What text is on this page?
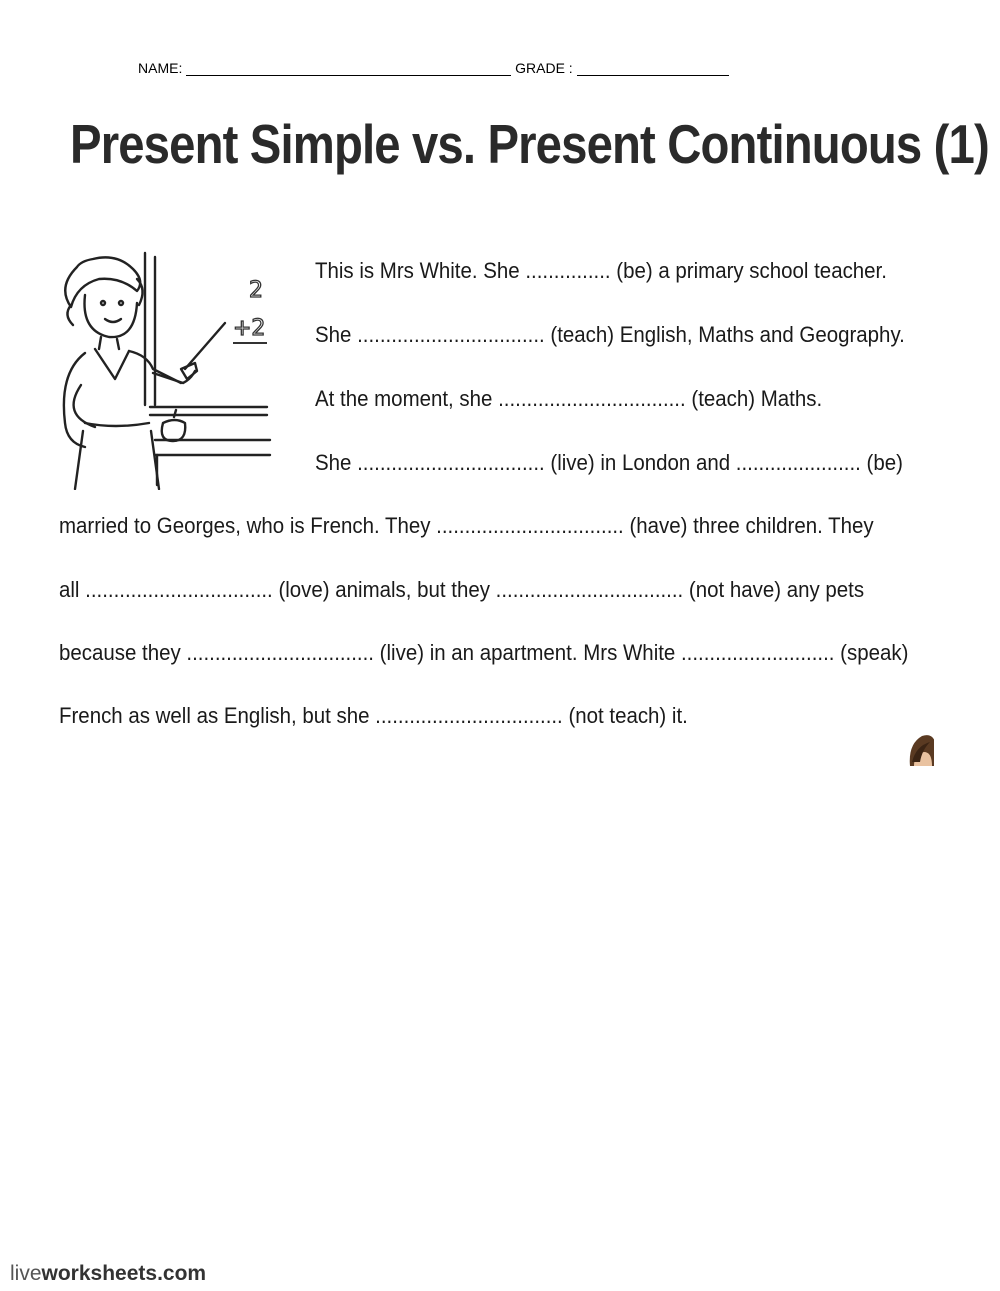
NAME:	GRADE :
Present Simple vs. Present Continuous (1)
2
+2
This is Mrs White. She ............... (be) a primary school teacher.
She ................................. (teach) English, Maths and Geography.
At the moment, she ................................. (teach) Maths.
She ................................. (live) in London and ...................... (be)
married to Georges, who is French. They ................................. (have) three children. They
all ................................. (love) animals, but they ................................. (not have) any pets
because they ................................. (live) in an apartment. Mrs White ........................... (speak)
French as well as English, but she ................................. (not teach) it.
liveworksheets.com
